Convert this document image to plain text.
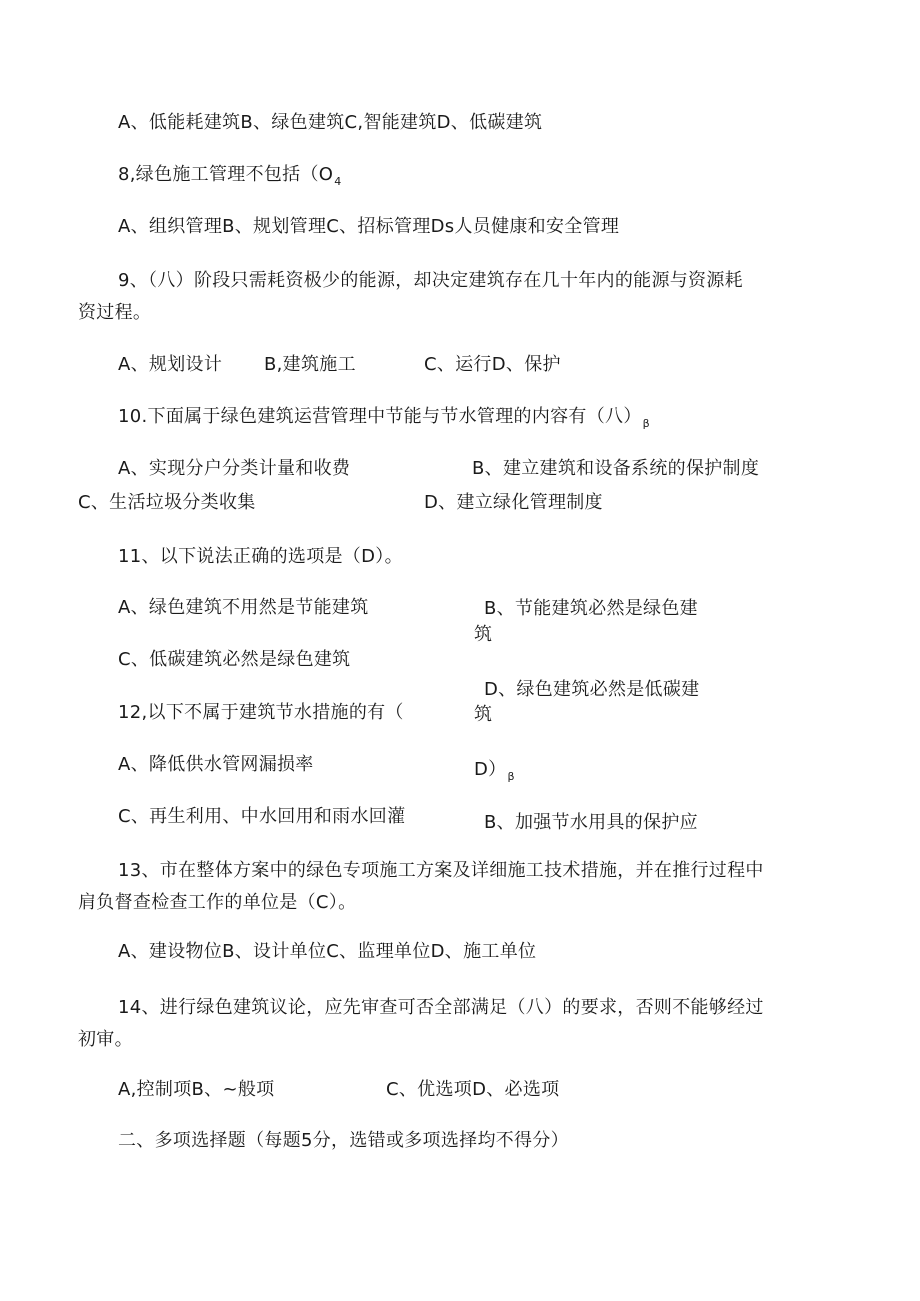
A、低能耗建筑B、绿色建筑C,智能建筑D、低碳建筑
8,绿色施工管理不包括（$O_4$
A、组织管理B、规划管理C、招标管理Ds人员健康和安全管理
9、（八）阶段只需耗资极少的能源，却决定建筑存在几十年内的能源与资源耗
资过程。
A、规划设计 B,建筑施工	C、运行D、保护
10.下面属于绿色建筑运营管理中节能与节水管理的内容有（八）$_\beta$
A、实现分户分类计量和收费	B、建立建筑和设备系统的保护制度
C、生活垃圾分类收集	D、建立绿化管理制度
11、以下说法正确的选项是（D）。
A、绿色建筑不用然是节能建筑	B、节能建筑必然是绿色建
筑
C、低碳建筑必然是绿色建筑
D、绿色建筑必然是低碳建
12,以下不属于建筑节水措施的有（	筑
A、降低供水管网漏损率	$D)_\beta$
C、再生利用、中水回用和雨水回灌	B、加强节水用具的保护应
13、市在整体方案中的绿色专项施工方案及详细施工技术措施，并在推行过程中
肩负督查检查工作的单位是（C）。
A、建设物位B、设计单位C、监理单位D、施工单位
14、进行绿色建筑议论，应先审查可否全部满足（八）的要求，否则不能够经过
初审。
A,控制项B、~般项	C、优选项D、必选项
二、多项选择题（每题5分，选错或多项选择均不得分）
